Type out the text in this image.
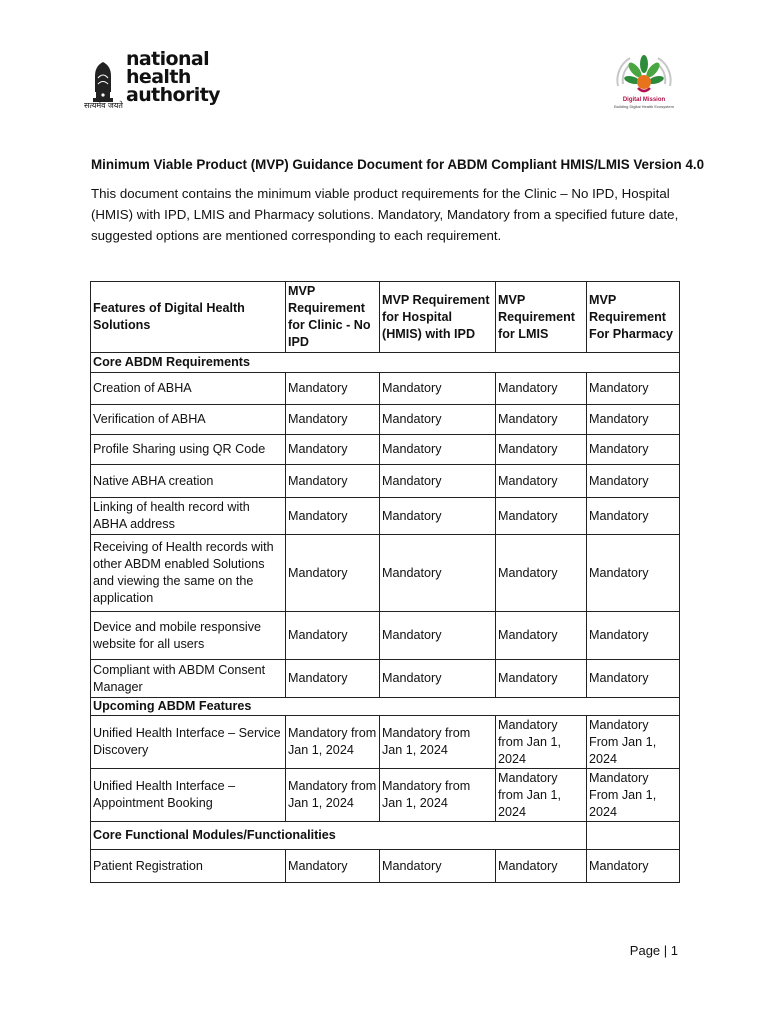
national
health
authority
सत्यमेव जयते
Digital Mission
Building Digital Health Ecosystem
Minimum Viable Product (MVP) Guidance Document for ABDM Compliant HMIS/LMIS Version 4.0

This document contains the minimum viable product requirements for the Clinic – No IPD, Hospital (HMIS) with IPD, LMIS and Pharmacy solutions. Mandatory, Mandatory from a specified future date, suggested options are mentioned corresponding to each requirement.

Features of Digital Health Solutions	MVP Requirement for Clinic - No IPD	MVP Requirement for Hospital (HMIS) with IPD	MVP Requirement for LMIS	MVP Requirement For Pharmacy
Core ABDM Requirements				
Creation of ABHA	Mandatory	Mandatory	Mandatory	Mandatory
Verification of ABHA	Mandatory	Mandatory	Mandatory	Mandatory
Profile Sharing using QR Code	Mandatory	Mandatory	Mandatory	Mandatory
Native ABHA creation	Mandatory	Mandatory	Mandatory	Mandatory
Linking of health record with ABHA address	Mandatory	Mandatory	Mandatory	Mandatory
Receiving of Health records with other ABDM enabled Solutions and viewing the same on the application	Mandatory	Mandatory	Mandatory	Mandatory
Device and mobile responsive website for all users	Mandatory	Mandatory	Mandatory	Mandatory
Compliant with ABDM Consent Manager	Mandatory	Mandatory	Mandatory	Mandatory
Upcoming ABDM Features				
Unified Health Interface – Service Discovery	Mandatory from Jan 1, 2024	Mandatory from Jan 1, 2024	Mandatory from Jan 1, 2024	Mandatory From Jan 1, 2024
Unified Health Interface – Appointment Booking	Mandatory from Jan 1, 2024	Mandatory from Jan 1, 2024	Mandatory from Jan 1, 2024	Mandatory From Jan 1, 2024
Core Functional Modules/Functionalities				
Patient Registration	Mandatory	Mandatory	Mandatory	Mandatory
Page | 1
